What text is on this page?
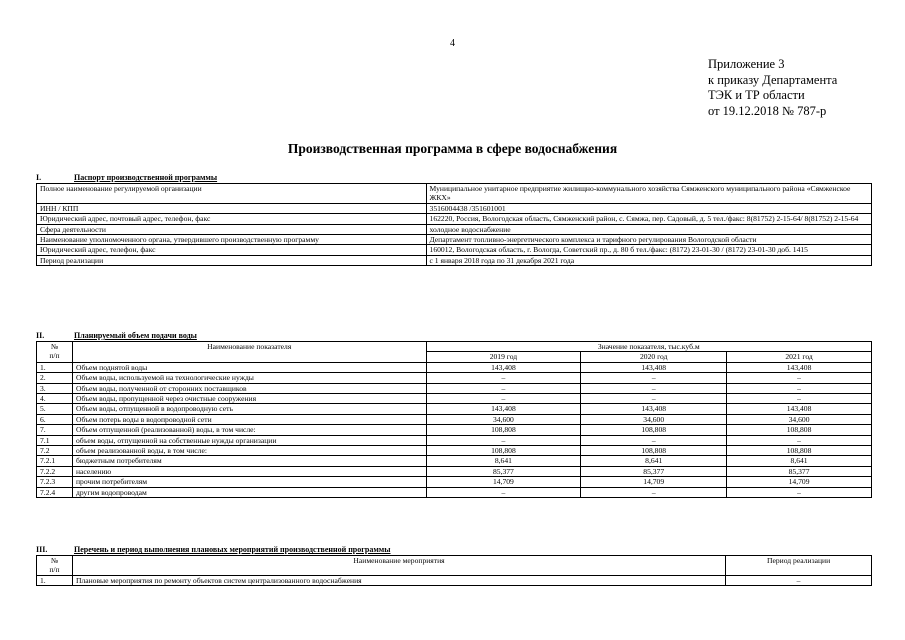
4
Приложение 3
к приказу Департамента
ТЭК и ТР области
от 19.12.2018 № 787-р
Производственная программа в сфере водоснабжения
I.	Паспорт производственной программы
Полное наименование регулируемой организации	Муниципальное унитарное предприятие жилищно-коммунального хозяйства Сямженского муниципального района «Сямженское ЖКХ»
ИНН / КПП	3516004438 /351601001
Юридический адрес, почтовый адрес, телефон, факс	162220, Россия, Вологодская область, Сямженский район, с. Сямжа, пер. Садовый, д. 5 тел./факс: 8(81752) 2-15-64/ 8(81752) 2-15-64
Сфера деятельности	холодное водоснабжение
Наименование уполномоченного органа, утвердившего производственную программу	Департамент топливно-энергетического комплекса и тарифного регулирования Вологодской области
Юридический адрес, телефон, факс	160012, Вологодская область, г. Вологда, Советский пр., д. 80 б тел./факс: (8172) 23-01-30 / (8172) 23-01-30 доб. 1415
Период реализации	с 1 января 2018 года по 31 декабря 2021 года
II.	Планируемый объем подачи воды
№
п/п	Наименование показателя	Значение показателя, тыс.куб.м		
		2019 год	2020 год	2021 год
1.	Объем поднятой воды	143,408	143,408	143,408
2.	Объем воды, используемой на технологические нужды	–	–	–
3.	Объем воды, полученной от сторонних поставщиков	–	–	–
4.	Объем воды, пропущенной через очистные сооружения	–	–	–
5.	Объем воды, отпущенной в водопроводную сеть	143,408	143,408	143,408
6.	Объем потерь воды в водопроводной сети	34,600	34,600	34,600
7.	Объем отпущенной (реализованной) воды, в том числе:	108,808	108,808	108,808
7.1	объем воды, отпущенной на собственные нужды организации	–	–	–
7.2	объем реализованной воды, в том числе:	108,808	108,808	108,808
7.2.1	бюджетным потребителям	8,641	8,641	8,641
7.2.2	населению	85,377	85,377	85,377
7.2.3	прочим потребителям	14,709	14,709	14,709
7.2.4	другим водопроводам	–	–	–
III.	Перечень и период выполнения плановых мероприятий производственной программы
№
п/п	Наименование мероприятия	Период реализации
1.	Плановые мероприятия по ремонту объектов систем централизованного водоснабжения	–
